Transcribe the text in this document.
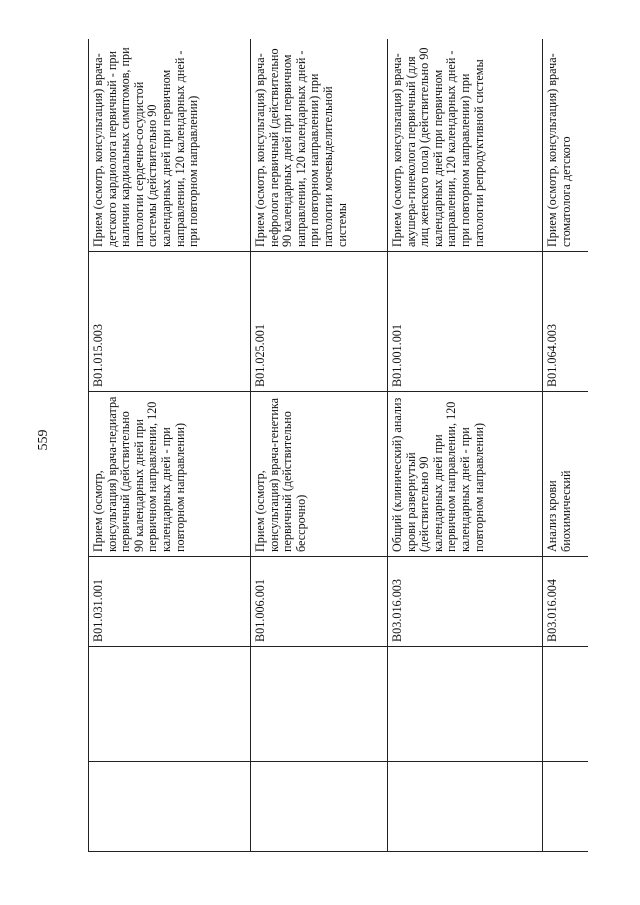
559
		B01.031.001	Прием (осмотр, консультация) врача-педиатра первичный (действительно 90 календарных дней при первичном направлении, 120 календарных дней - при повторном направлении)	B01.015.003	Прием (осмотр, консультация) врача-детского кардиолога первичный - при наличии кардиальных симптомов, при патологии сердечно-сосудистой системы (действительно 90 календарных дней при первичном направлении, 120 календарных дней - при повторном направлении)
		B01.006.001	Прием (осмотр, консультация) врача-генетика первичный (действительно бессрочно)	B01.025.001	Прием (осмотр, консультация) врача-нефролога первичный (действительно 90 календарных дней при первичном направлении, 120 календарных дней - при повторном направлении) при патологии мочевыделительной системы
		B03.016.003	Общий (клинический) анализ крови развернутый (действительно 90 календарных дней при первичном направлении, 120 календарных дней - при повторном направлении)	B01.001.001	Прием (осмотр, консультация) врача-акушера-гинеколога первичный (для лиц женского пола) (действительно 90 календарных дней при первичном направлении, 120 календарных дней - при повторном направлении) при патологии репродуктивной системы
		B03.016.004	Анализ крови биохимический	B01.064.003	Прием (осмотр, консультация) врача-стоматолога детского
